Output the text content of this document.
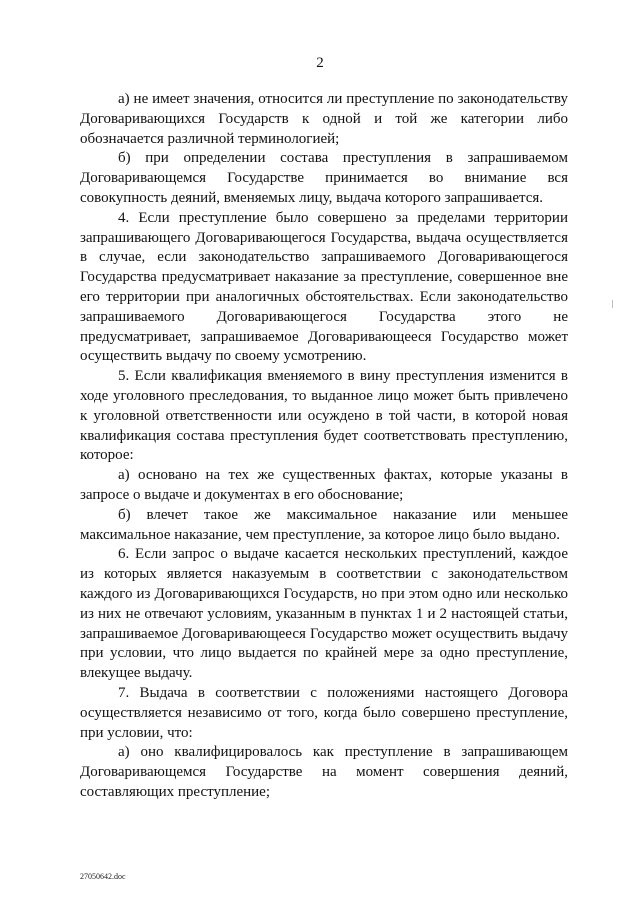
2

а) не имеет значения, относится ли преступление по законодательству Договаривающихся Государств к одной и той же категории либо обозначается различной терминологией;

б) при определении состава преступления в запрашиваемом Договаривающемся Государстве принимается во внимание вся совокупность деяний, вменяемых лицу, выдача которого запрашивается.

4. Если преступление было совершено за пределами территории запрашивающего Договаривающегося Государства, выдача осуществляется в случае, если законодательство запрашиваемого Договаривающегося Государства предусматривает наказание за преступление, совершенное вне его территории при аналогичных обстоятельствах. Если законодательство запрашиваемого Договаривающегося Государства этого не предусматривает, запрашиваемое Договаривающееся Государство может осуществить выдачу по своему усмотрению.

5. Если квалификация вменяемого в вину преступления изменится в ходе уголовного преследования, то выданное лицо может быть привлечено к уголовной ответственности или осуждено в той части, в которой новая квалификация состава преступления будет соответствовать преступлению, которое:

а) основано на тех же существенных фактах, которые указаны в запросе о выдаче и документах в его обоснование;

б) влечет такое же максимальное наказание или меньшее максимальное наказание, чем преступление, за которое лицо было выдано.

6. Если запрос о выдаче касается нескольких преступлений, каждое из которых является наказуемым в соответствии с законодательством каждого из Договаривающихся Государств, но при этом одно или несколько из них не отвечают условиям, указанным в пунктах 1 и 2 настоящей статьи, запрашиваемое Договаривающееся Государство может осуществить выдачу при условии, что лицо выдается по крайней мере за одно преступление, влекущее выдачу.

7. Выдача в соответствии с положениями настоящего Договора осуществляется независимо от того, когда было совершено преступление, при условии, что:

а) оно квалифицировалось как преступление в запрашивающем Договаривающемся Государстве на момент совершения деяний, составляющих преступление;

27050642.doc
